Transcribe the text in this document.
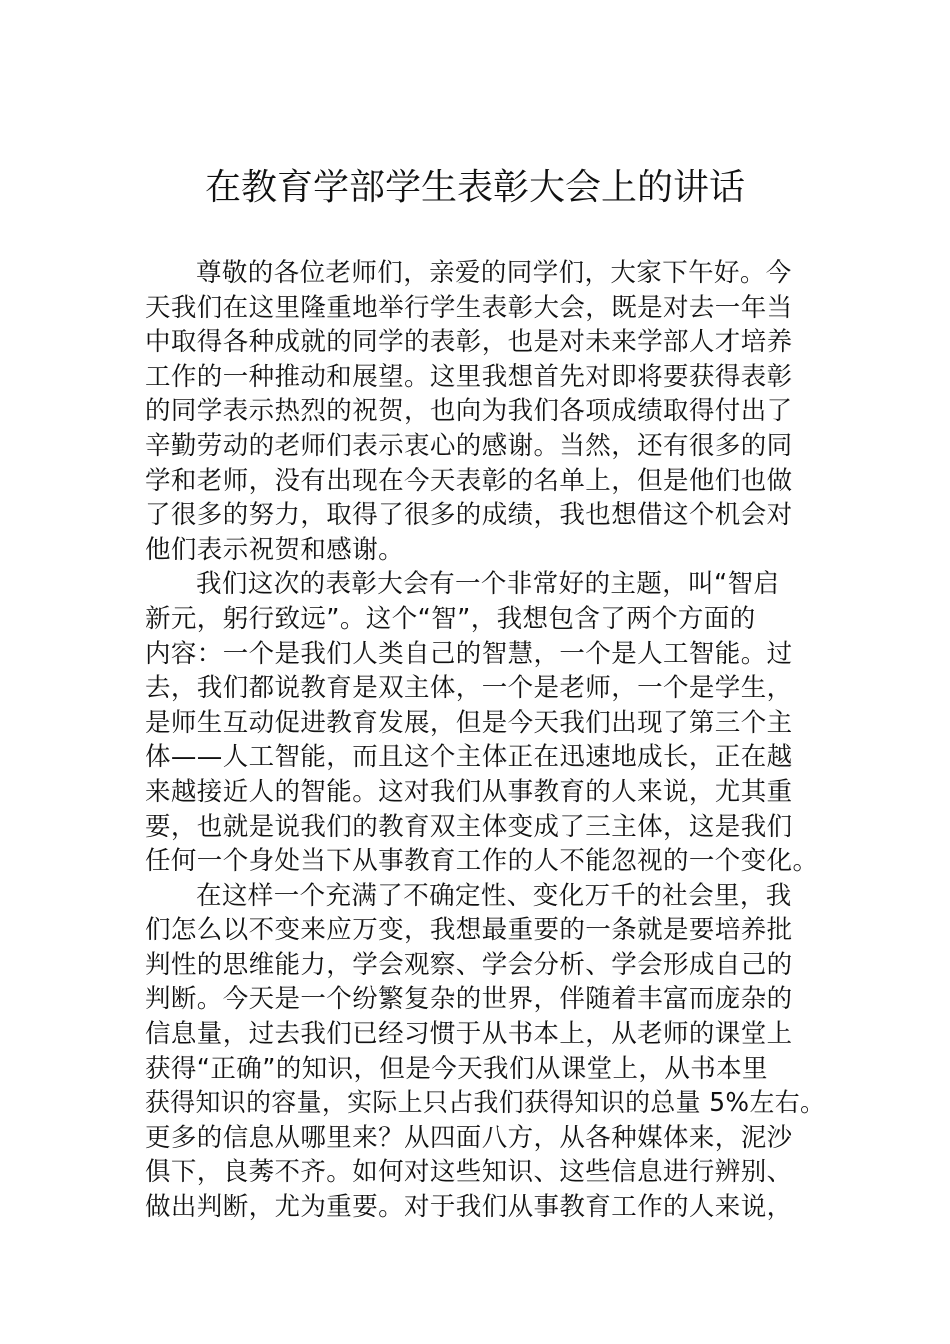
在教育学部学生表彰大会上的讲话
尊敬的各位老师们，亲爱的同学们，大家下午好。今
天我们在这里隆重地举行学生表彰大会，既是对去一年当
中取得各种成就的同学的表彰，也是对未来学部人才培养
工作的一种推动和展望。这里我想首先对即将要获得表彰
的同学表示热烈的祝贺，也向为我们各项成绩取得付出了
辛勤劳动的老师们表示衷心的感谢。当然，还有很多的同
学和老师，没有出现在今天表彰的名单上，但是他们也做
了很多的努力，取得了很多的成绩，我也想借这个机会对
他们表示祝贺和感谢。
我们这次的表彰大会有一个非常好的主题，叫“智启
新元，躬行致远”。这个“智”，我想包含了两个方面的
内容：一个是我们人类自己的智慧，一个是人工智能。过
去，我们都说教育是双主体，一个是老师，一个是学生，
是师生互动促进教育发展，但是今天我们出现了第三个主
体——人工智能，而且这个主体正在迅速地成长，正在越
来越接近人的智能。这对我们从事教育的人来说，尤其重
要，也就是说我们的教育双主体变成了三主体，这是我们
任何一个身处当下从事教育工作的人不能忽视的一个变化。
在这样一个充满了不确定性、变化万千的社会里，我
们怎么以不变来应万变，我想最重要的一条就是要培养批
判性的思维能力，学会观察、学会分析、学会形成自己的
判断。今天是一个纷繁复杂的世界，伴随着丰富而庞杂的
信息量，过去我们已经习惯于从书本上，从老师的课堂上
获得“正确”的知识，但是今天我们从课堂上，从书本里
获得知识的容量，实际上只占我们获得知识的总量 5%左右。
更多的信息从哪里来？从四面八方，从各种媒体来，泥沙
俱下，良莠不齐。如何对这些知识、这些信息进行辨别、
做出判断，尤为重要。对于我们从事教育工作的人来说，
